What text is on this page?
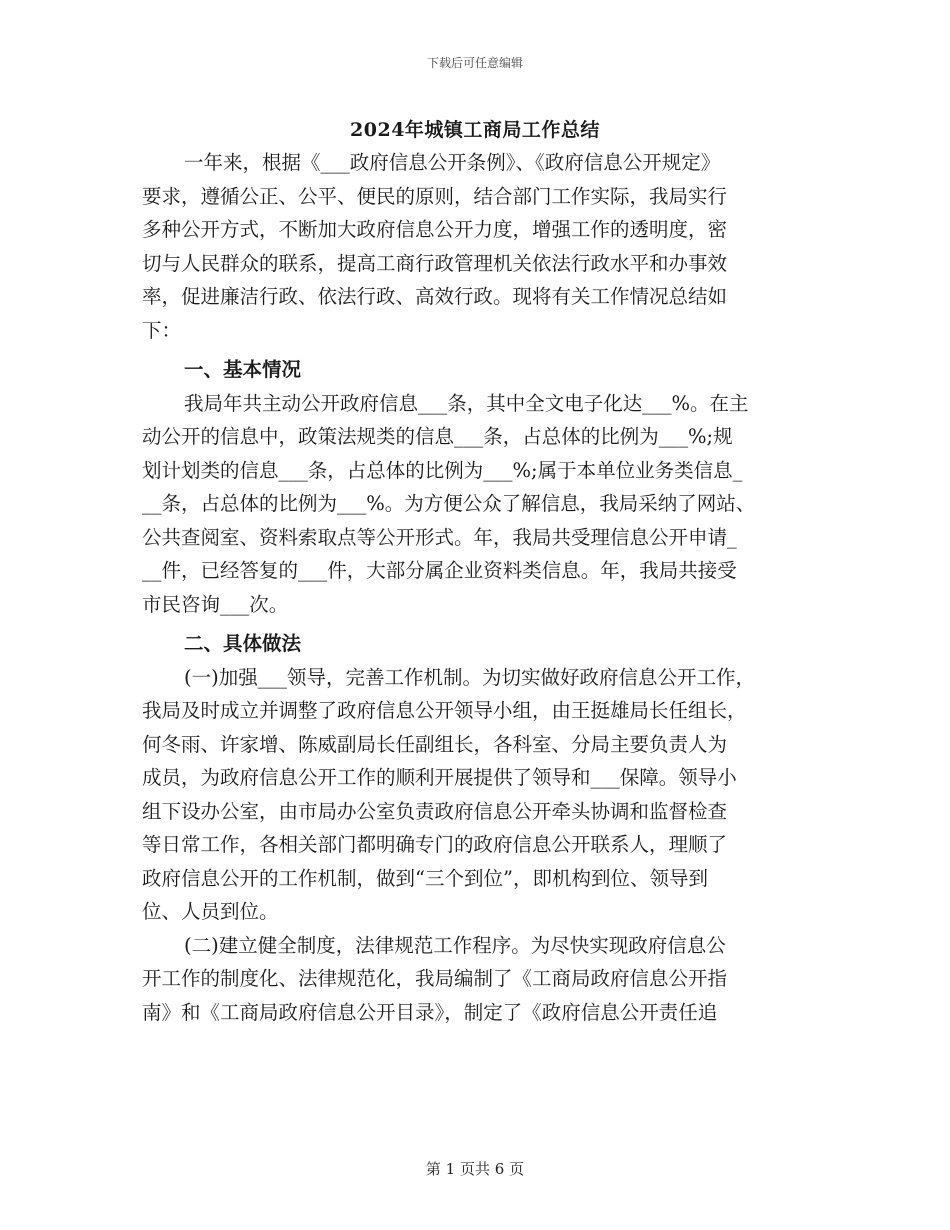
下载后可任意编辑
2024年城镇工商局工作总结
一年来，根据《___政府信息公开条例》、《政府信息公开规定》
要求，遵循公正、公平、便民的原则，结合部门工作实际，我局实行
多种公开方式，不断加大政府信息公开力度，增强工作的透明度，密
切与人民群众的联系，提高工商行政管理机关依法行政水平和办事效
率，促进廉洁行政、依法行政、高效行政。现将有关工作情况总结如
下：
一、基本情况
我局年共主动公开政府信息___条，其中全文电子化达___%。在主
动公开的信息中，政策法规类的信息___条，占总体的比例为___%;规
划计划类的信息___条，占总体的比例为___%;属于本单位业务类信息_
__条，占总体的比例为___%。为方便公众了解信息，我局采纳了网站、
公共查阅室、资料索取点等公开形式。年，我局共受理信息公开申请_
__件，已经答复的___件，大部分属企业资料类信息。年，我局共接受
市民咨询___次。
二、具体做法
(一)加强___领导，完善工作机制。为切实做好政府信息公开工作，
我局及时成立并调整了政府信息公开领导小组，由王挺雄局长任组长，
何冬雨、许家增、陈威副局长任副组长，各科室、分局主要负责人为
成员，为政府信息公开工作的顺利开展提供了领导和___保障。领导小
组下设办公室，由市局办公室负责政府信息公开牵头协调和监督检查
等日常工作，各相关部门都明确专门的政府信息公开联系人，理顺了
政府信息公开的工作机制，做到“三个到位”，即机构到位、领导到
位、人员到位。
(二)建立健全制度，法律规范工作程序。为尽快实现政府信息公
开工作的制度化、法律规范化，我局编制了《工商局政府信息公开指
南》和《工商局政府信息公开目录》，制定了《政府信息公开责任追
第 1 页共 6 页
